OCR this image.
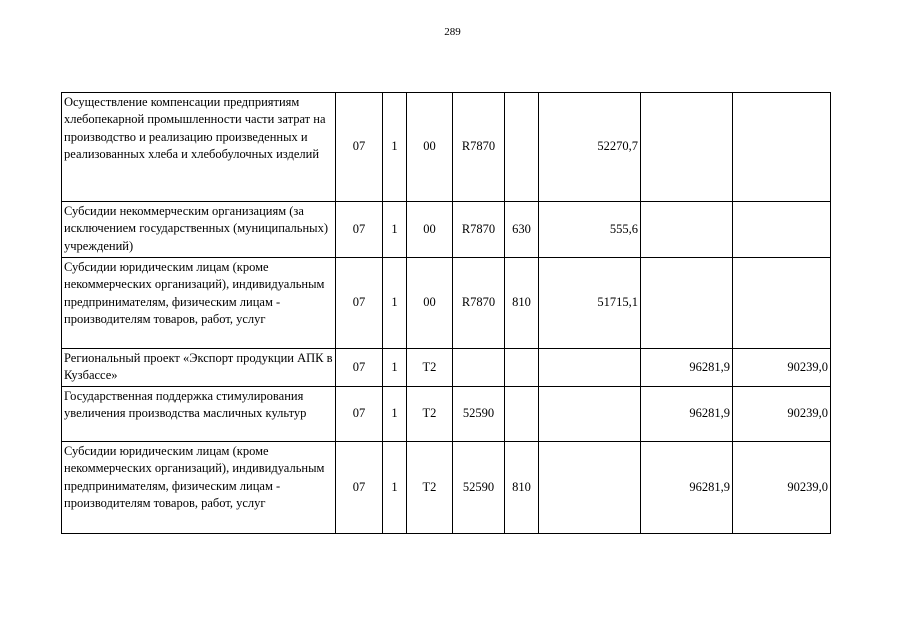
289
Осуществление компенсации предприятиям хлебопекарной промышленности части затрат на производство и реализацию произведенных и реализованных хлеба и хлебобулочных изделий	07	1	00	R7870		52270,7		
Субсидии некоммерческим организациям (за исключением государственных (муниципальных) учреждений)	07	1	00	R7870	630	555,6		
Субсидии юридическим лицам (кроме некоммерческих организаций), индивидуальным предпринимателям, физическим лицам - производителям товаров, работ, услуг	07	1	00	R7870	810	51715,1		
Региональный проект «Экспорт продукции АПК в Кузбассе»	07	1	Т2				96281,9	90239,0
Государственная поддержка стимулирования увеличения производства масличных культур	07	1	Т2	52590			96281,9	90239,0
Субсидии юридическим лицам (кроме некоммерческих организаций), индивидуальным предпринимателям, физическим лицам - производителям товаров, работ, услуг	07	1	Т2	52590	810		96281,9	90239,0
